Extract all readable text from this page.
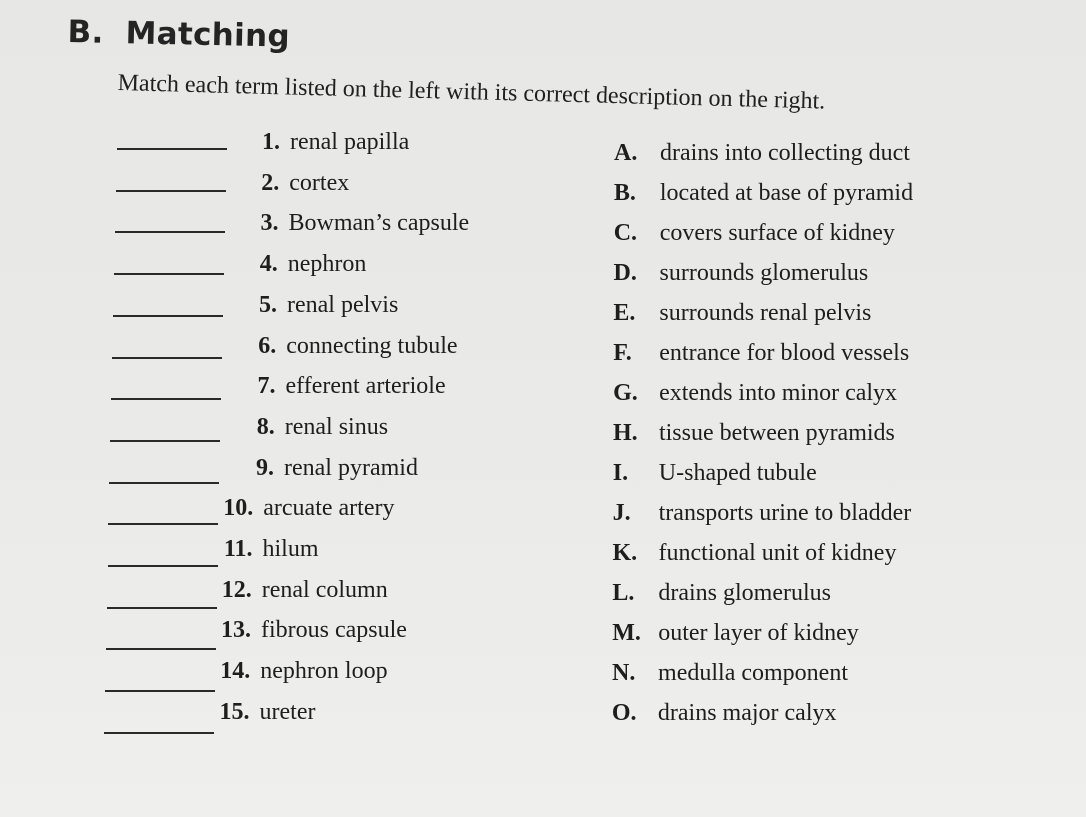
B. Matching
Match each term listed on the left with its correct description on the right.
1. renal papilla
2. cortex
3. Bowman’s capsule
4. nephron
5. renal pelvis
6. connecting tubule
7. efferent arteriole
8. renal sinus
9. renal pyramid
10. arcuate artery
11. hilum
12. renal column
13. fibrous capsule
14. nephron loop
15. ureter
A. drains into collecting duct
B. located at base of pyramid
C. covers surface of kidney
D. surrounds glomerulus
E. surrounds renal pelvis
F. entrance for blood vessels
G. extends into minor calyx
H. tissue between pyramids
I. U-shaped tubule
J. transports urine to bladder
K. functional unit of kidney
L. drains glomerulus
M. outer layer of kidney
N. medulla component
O. drains major calyx
